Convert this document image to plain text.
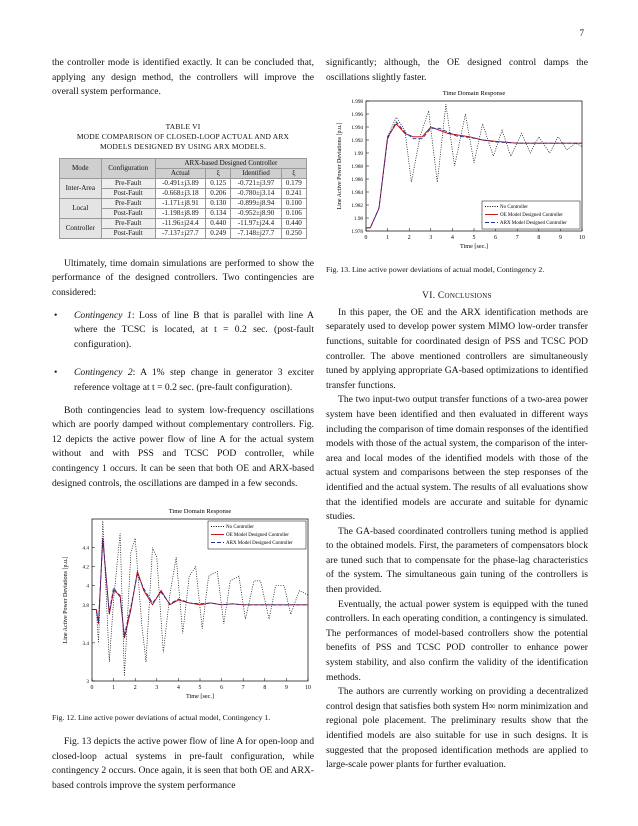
7

the controller mode is identified exactly. It can be concluded that, applying any design method, the controllers will improve the overall system performance.

TABLE VI
MODE COMPARISON OF CLOSED-LOOP ACTUAL AND ARX MODELS DESIGNED BY USING ARX MODELS.
Mode	Configuration	ARX-based Designed Controller			
		Actual	ξ	Identified	ξ
Inter-Area	Pre-Fault	-0.491±j3.89	0.125	-0.721±j3.97	0.179
	Post-Fault	-0.668±j3.18	0.206	-0.780±j3.14	0.241
Local	Pre-Fault	-1.171±j8.91	0.130	-0.899±j8.94	0.100
	Post-Fault	-1.198±j8.89	0.134	-0.952±j8.90	0.106
Controller	Pre-Fault	-11.96±j24.4	0.440	-11.97±j24.4	0.440
	Post-Fault	-7.137±j27.7	0.249	-7.148±j27.7	0.250

Ultimately, time domain simulations are performed to show the performance of the designed controllers. Two contingencies are considered:

• Contingency 1: Loss of line B that is parallel with line A where the TCSC is located, at t = 0.2 sec. (post-fault configuration).
• Contingency 2: A 1% step change in generator 3 exciter reference voltage at t = 0.2 sec. (pre-fault configuration).

Both contingencies lead to system low-frequency oscillations which are poorly damped without complementary controllers. Fig. 12 depicts the active power flow of line A for the actual system without and with PSS and TCSC POD controller, while contingency 1 occurs. It can be seen that both OE and ARX-based designed controls, the oscillations are damped in a few seconds.

Time Domain Response
0	1	2	3	4	5	6	7	8	9	10
3
3.4
3.8
4
4.2
4.4
Time [sec.]
Line Active Power Deviations [p.u.]
No Controller
OE Model Designed Controller
ARX Model Designed Controller
Fig. 12. Line active power deviations of actual model, Contingency 1.

Fig. 13 depicts the active power flow of line A for open-loop and closed-loop actual systems in pre-fault configuration, while contingency 2 occurs. Once again, it is seen that both OE and ARX-based controls improve the system performance

significantly; although, the OE designed control damps the oscillations slightly faster.

Time Domain Response
0	1	2	3	4	5	6	7	8	9	10
1.978
1.98
1.982
1.984
1.986
1.988
1.99
1.992
1.994
1.996
1.998
Time [sec.]
Line Active Power Deviations [p.u.]	No Controller
OE Model Designed Controller
ARX Model Designed Controller
Fig. 13. Line active power deviations of actual model, Contingency 2.
VI. Conclusions

In this paper, the OE and the ARX identification methods are separately used to develop power system MIMO low-order transfer functions, suitable for coordinated design of PSS and TCSC POD controller. The above mentioned controllers are simultaneously tuned by applying appropriate GA-based optimizations to identified transfer functions.

The two input-two output transfer functions of a two-area power system have been identified and then evaluated in different ways including the comparison of time domain responses of the identified models with those of the actual system, the comparison of the inter-area and local modes of the identified models with those of the actual system and comparisons between the step responses of the identified and the actual system. The results of all evaluations show that the identified models are accurate and suitable for dynamic studies.

The GA-based coordinated controllers tuning method is applied to the obtained models. First, the parameters of compensators block are tuned such that to compensate for the phase-lag characteristics of the system. The simultaneous gain tuning of the controllers is then provided.

Eventually, the actual power system is equipped with the tuned controllers. In each operating condition, a contingency is simulated. The performances of model-based controllers show the potential benefits of PSS and TCSC POD controller to enhance power system stability, and also confirm the validity of the identification methods.

The authors are currently working on providing a decentralized control design that satisfies both system H∞ norm minimization and regional pole placement. The preliminary results show that the identified models are also suitable for use in such designs. It is suggested that the proposed identification methods are applied to large-scale power plants for further evaluation.
